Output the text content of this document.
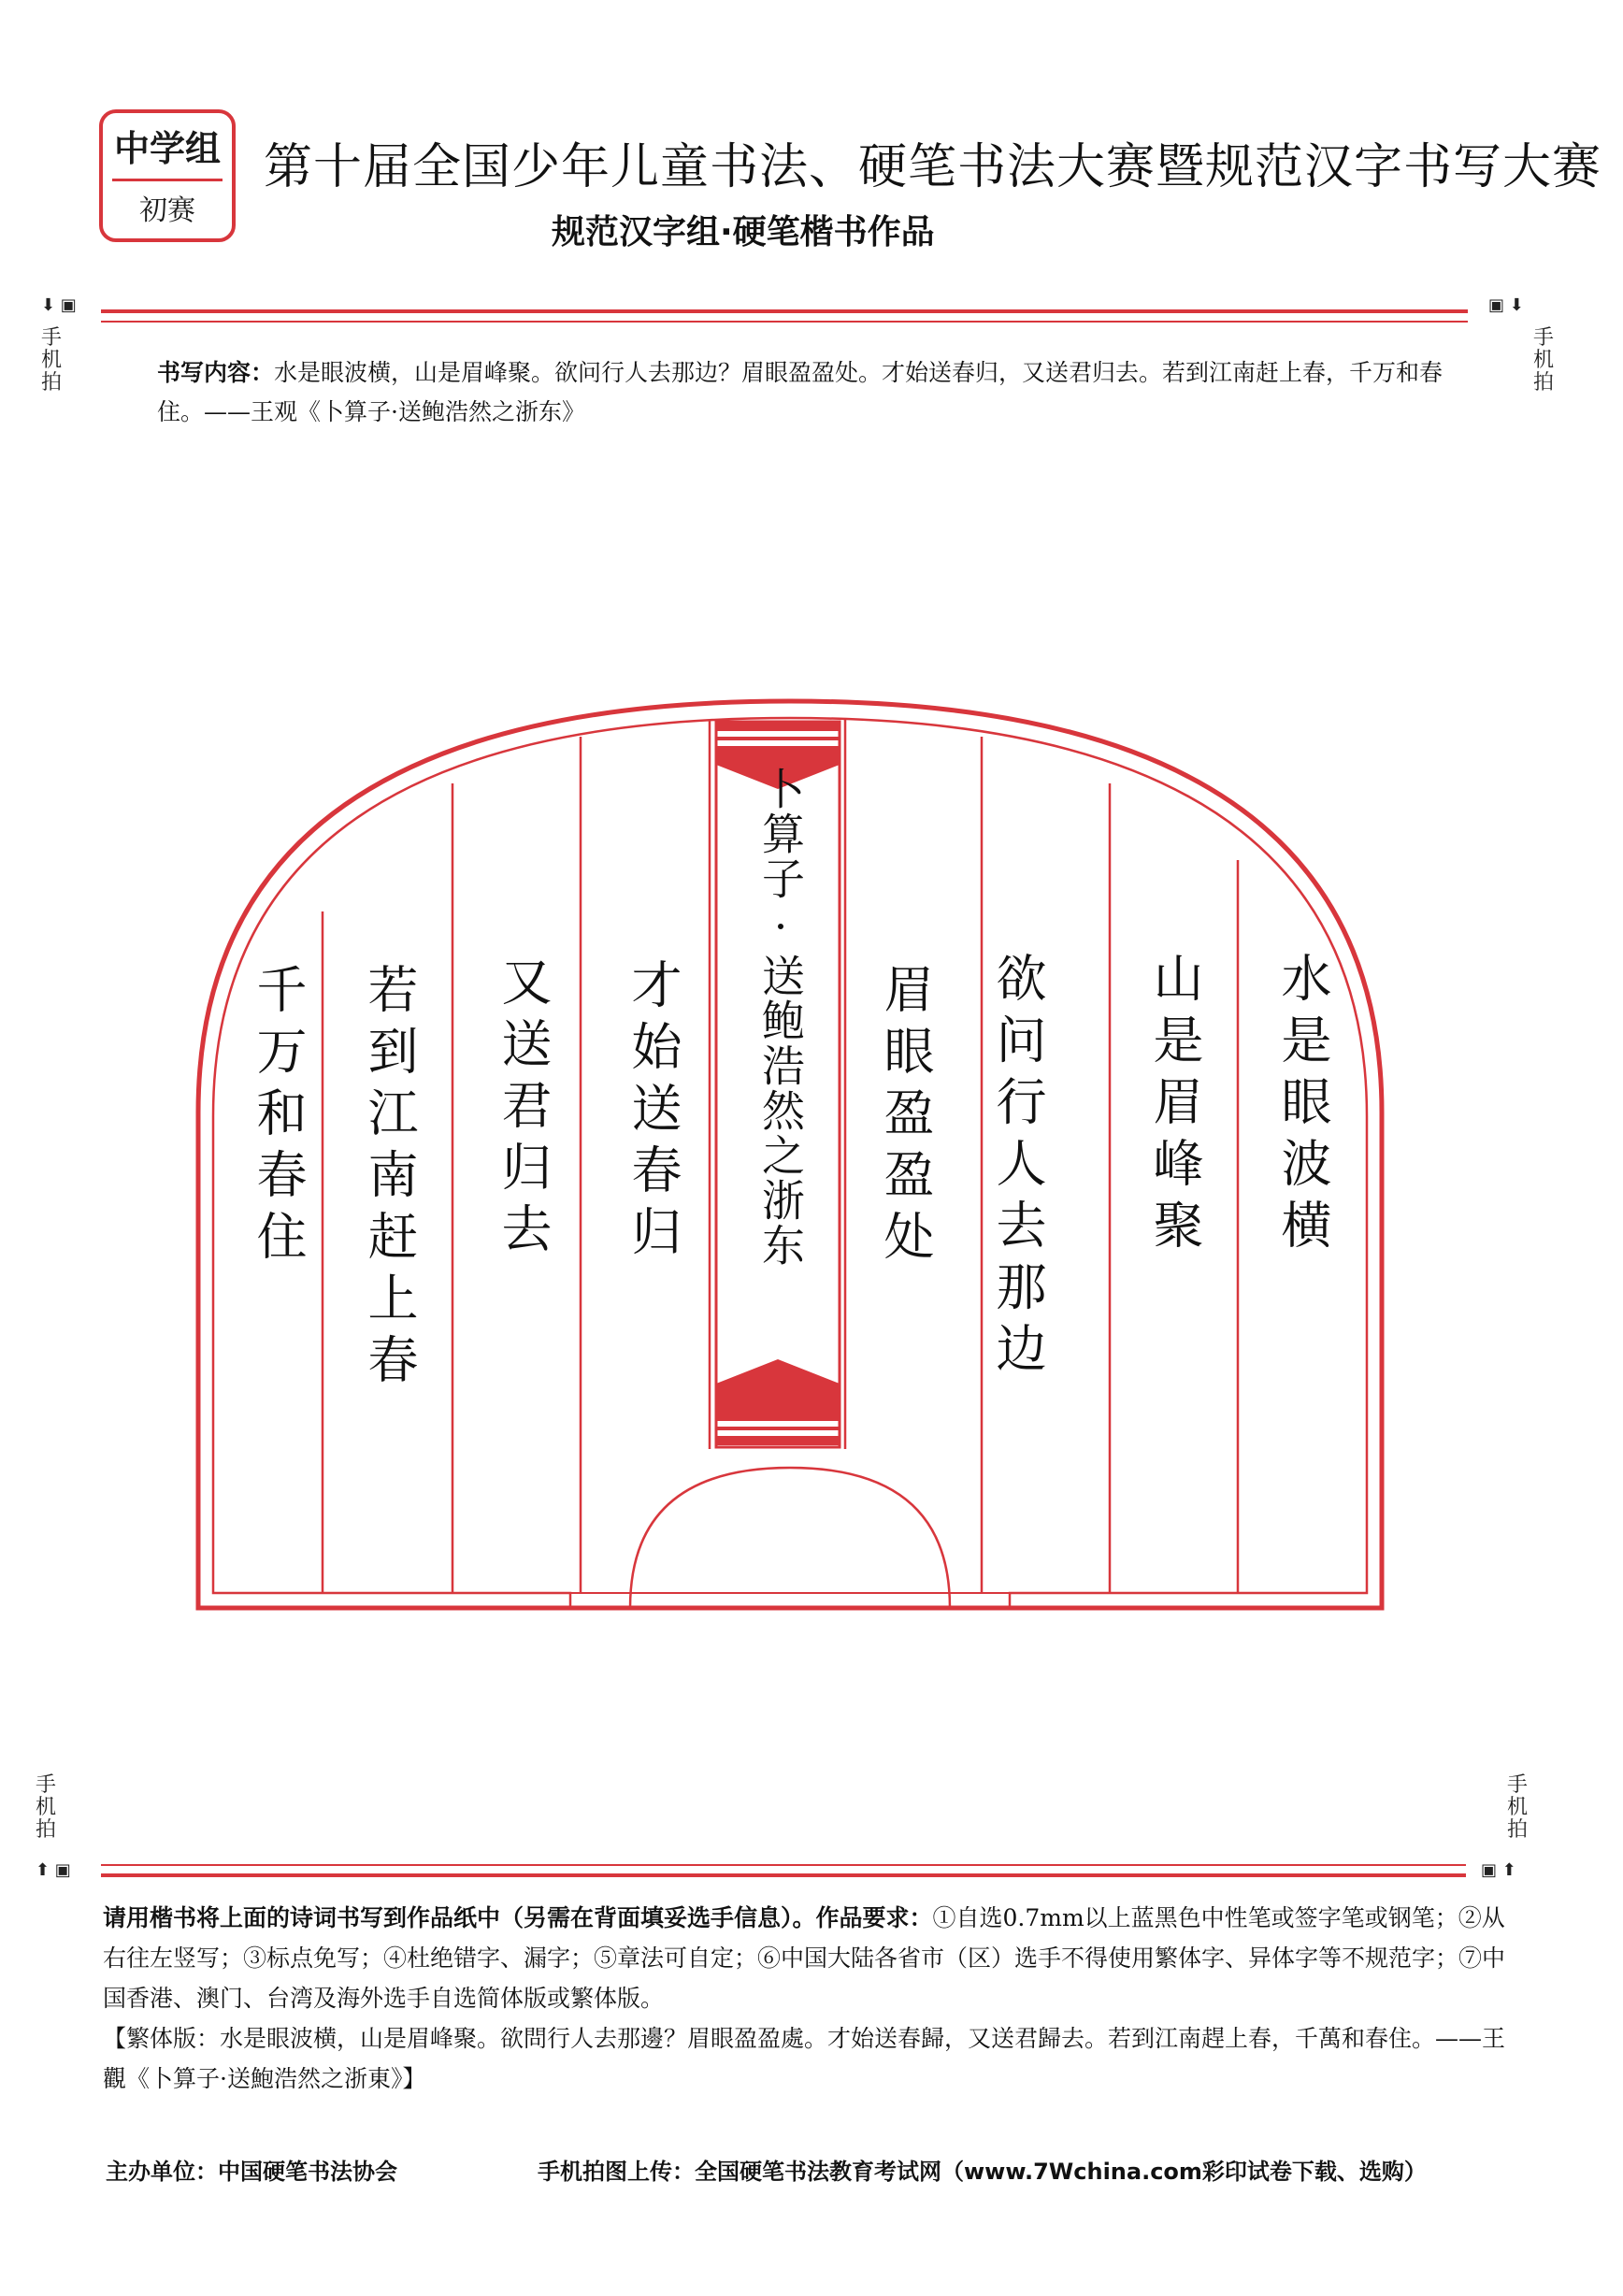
中学组
初赛
第十届全国少年儿童书法、硬笔书法大赛暨规范汉字书写大赛
规范汉字组·硬笔楷书作品
⬇ ▣
手机拍
▣ ⬇
手机拍
书写内容：水是眼波横，山是眉峰聚。欲问行人去那边？眉眼盈盈处。才始送春归，又送君归去。若到江南赶上春，千万和春住。——王观《卜算子·送鲍浩然之浙东》
水是眼波横
山是眉峰聚
欲问行人去那边
眉眼盈盈处
卜算子·送鲍浩然之浙东
才始送春归
又送君归去
若到江南赶上春
千万和春住
手机拍
⬆ ▣
手机拍
▣ ⬆
请用楷书将上面的诗词书写到作品纸中（另需在背面填妥选手信息）。作品要求：①自选0.7mm以上蓝黑色中性笔或签字笔或钢笔；②从右往左竖写；③标点免写；④杜绝错字、漏字；⑤章法可自定；⑥中国大陆各省市（区）选手不得使用繁体字、异体字等不规范字；⑦中国香港、澳门、台湾及海外选手自选简体版或繁体版。
【繁体版：水是眼波横，山是眉峰聚。欲問行人去那邊？眉眼盈盈處。才始送春歸，又送君歸去。若到江南趕上春，千萬和春住。——王觀《卜算子·送鮑浩然之浙東》】
主办单位：中国硬笔书法协会	手机拍图上传：全国硬笔书法教育考试网（www.7Wchina.com彩印试卷下载、选购）
